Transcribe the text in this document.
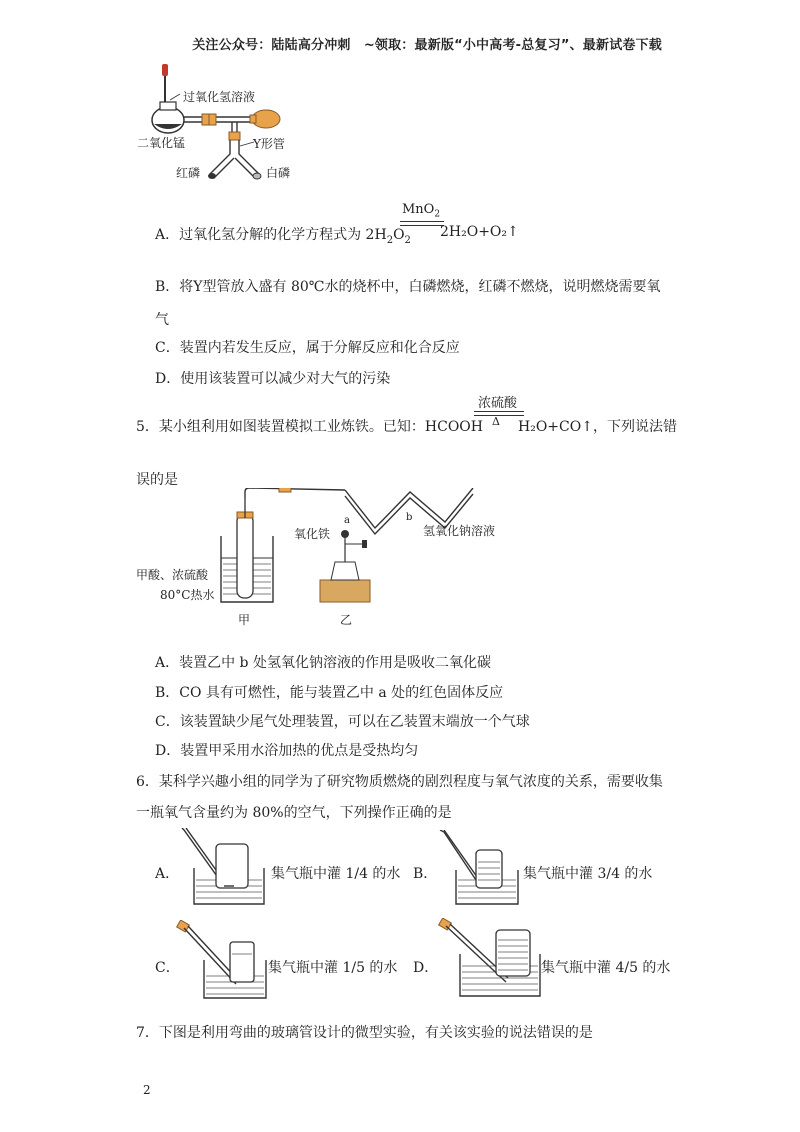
关注公众号：陆陆高分冲刺　~领取：最新版“小中高考-总复习”、最新试卷下载
过氧化氢溶液
二氧化锰	Y形管
红磷	白磷
A．过氧化氢分解的化学方程式为 $2H_2O_2$
MnO$_2$
2H₂O+O₂↑
B．将Y型管放入盛有 80℃水的烧杯中，白磷燃烧，红磷不燃烧，说明燃烧需要氧
气
C．装置内若发生反应，属于分解反应和化合反应
D．使用该装置可以减少对大气的污染
5．某小组利用如图装置模拟工业炼铁。已知：HCOOH
浓硫酸
Δ H₂O+CO↑，下列说法错
误的是
氧化铁
a	b
氢氧化钠溶液
甲酸、浓硫酸
80°C热水
甲	乙
A．装置乙中 b 处氢氧化钠溶液的作用是吸收二氧化碳
B．CO 具有可燃性，能与装置乙中 a 处的红色固体反应
C．该装置缺少尾气处理装置，可以在乙装置末端放一个气球
D．装置甲采用水浴加热的优点是受热均匀
6．某科学兴趣小组的同学为了研究物质燃烧的剧烈程度与氧气浓度的关系，需要收集
一瓶氧气含量约为 80%的空气，下列操作正确的是
A．	集气瓶中灌 1/4 的水 B．	集气瓶中灌 3/4 的水
C．	集气瓶中灌 1/5 的水 D．	集气瓶中灌 4/5 的水
7．下图是利用弯曲的玻璃管设计的微型实验，有关该实验的说法错误的是
2
